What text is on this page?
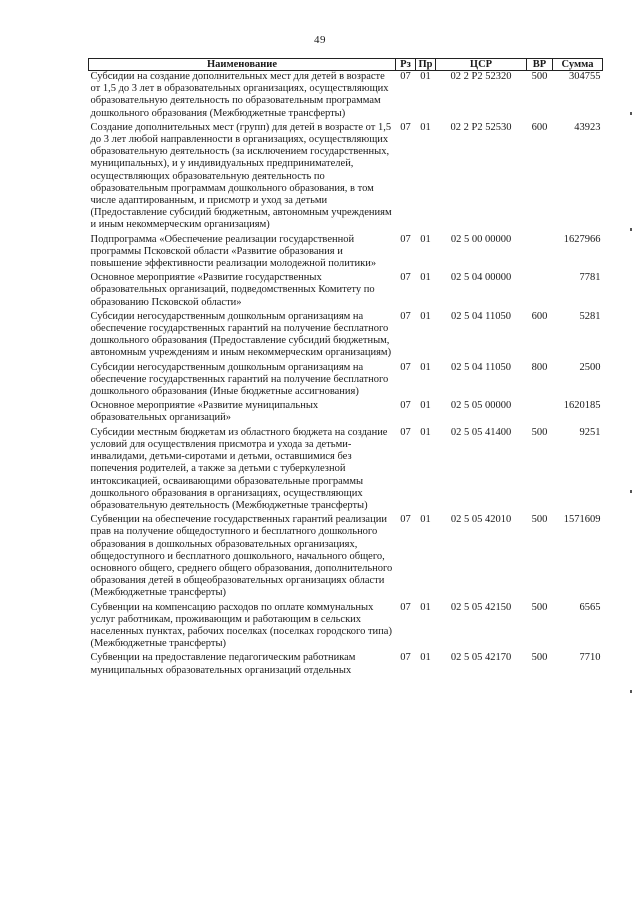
49
Наименование	Рз	Пр	ЦСР	ВР	Сумма
Субсидии на создание дополнительных мест для детей в возрасте от 1,5 до 3 лет в образовательных организациях, осуществляющих образовательную деятельность по образовательным программам дошкольного образования (Межбюджетные трансферты)	07	01	02 2 Р2 52320	500	304755
Создание дополнительных мест (групп) для детей в возрасте от 1,5 до 3 лет любой направленности в организациях, осуществляющих образовательную деятельность (за исключением государственных, муниципальных), и у индивидуальных предпринимателей, осуществляющих образовательную деятельность по образовательным программам дошкольного образования, в том числе адаптированным, и присмотр и уход за детьми (Предоставление субсидий бюджетным, автономным учреждениям и иным некоммерческим организациям)	07	01	02 2 Р2 52530	600	43923
Подпрограмма «Обеспечение реализации государственной программы Псковской области «Развитие образования и повышение эффективности реализации молодежной политики»	07	01	02 5 00 00000		1627966
Основное мероприятие «Развитие государственных образовательных организаций, подведомственных Комитету по образованию Псковской области»	07	01	02 5 04 00000		7781
Субсидии негосударственным дошкольным организациям на обеспечение государственных гарантий на получение бесплатного дошкольного образования (Предоставление субсидий бюджетным, автономным учреждениям и иным некоммерческим организациям)	07	01	02 5 04 11050	600	5281
Субсидии негосударственным дошкольным организациям на обеспечение государственных гарантий на получение бесплатного дошкольного образования (Иные бюджетные ассигнования)	07	01	02 5 04 11050	800	2500
Основное мероприятие «Развитие муниципальных образовательных организаций»	07	01	02 5 05 00000		1620185
Субсидии местным бюджетам из областного бюджета на создание условий для осуществления присмотра и ухода за детьми-инвалидами, детьми-сиротами и детьми, оставшимися без попечения родителей, а также за детьми с туберкулезной интоксикацией, осваивающими образовательные программы дошкольного образования в организациях, осуществляющих образовательную деятельность (Межбюджетные трансферты)	07	01	02 5 05 41400	500	9251
Субвенции на обеспечение государственных гарантий реализации прав на получение общедоступного и бесплатного дошкольного образования в дошкольных образовательных организациях, общедоступного и бесплатного дошкольного, начального общего, основного общего, среднего общего образования, дополнительного образования детей в общеобразовательных организациях области (Межбюджетные трансферты)	07	01	02 5 05 42010	500	1571609
Субвенции на компенсацию расходов по оплате коммунальных услуг работникам, проживающим и работающим в сельских населенных пунктах, рабочих поселках (поселках городского типа) (Межбюджетные трансферты)	07	01	02 5 05 42150	500	6565
Субвенции на предоставление педагогическим работникам муниципальных образовательных организаций отдельных	07	01	02 5 05 42170	500	7710
